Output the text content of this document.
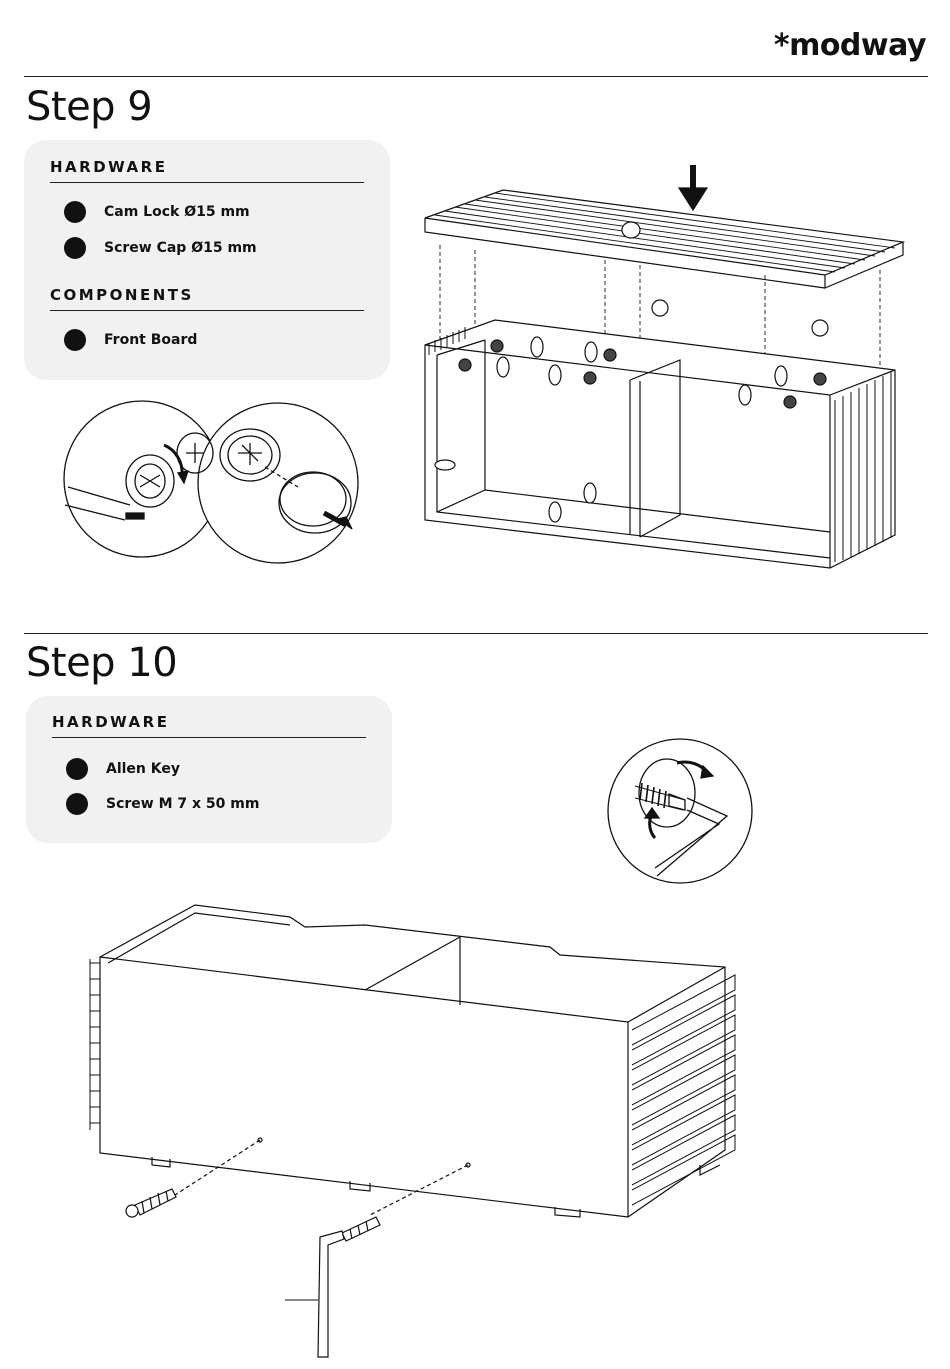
*modway
Step 9
HARDWARE
Cam Lock Ø15 mm
Screw Cap Ø15 mm
COMPONENTS
Front Board
Step 10
HARDWARE
Allen Key
Screw M 7 x 50 mm
